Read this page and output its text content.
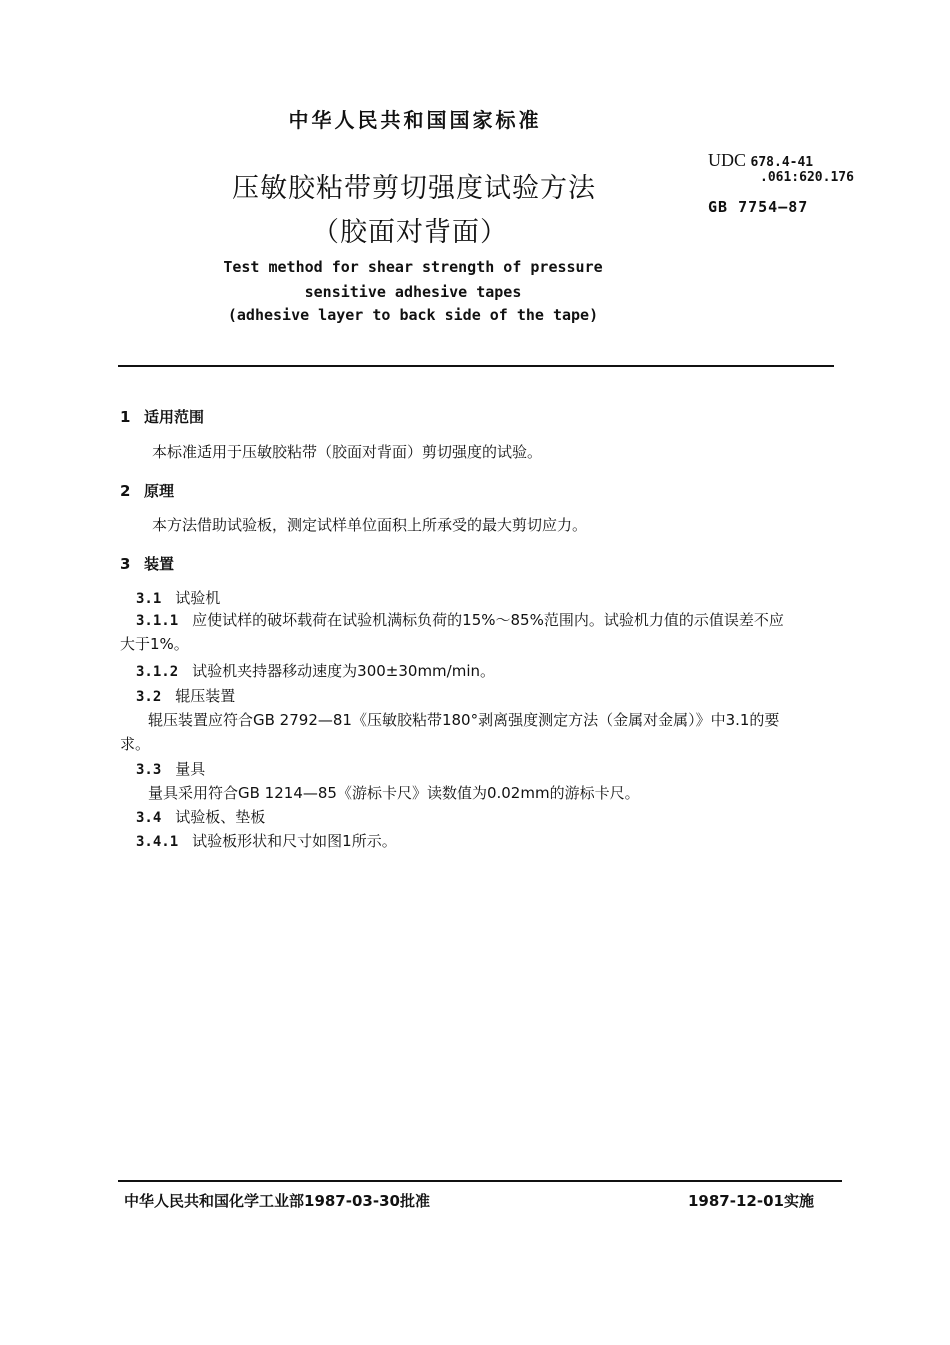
中华人民共和国国家标准
压敏胶粘带剪切强度试验方法
（胶面对背面）
UDC 678.4-41
.061:620.176
GB 7754—87
Test method for shear strength of pressure
sensitive adhesive tapes
(adhesive layer to back side of the tape)
1 适用范围
本标准适用于压敏胶粘带（胶面对背面）剪切强度的试验。
2 原理
本方法借助试验板，测定试样单位面积上所承受的最大剪切应力。
3 装置
3.1 试验机
3.1.1 应使试样的破坏载荷在试验机满标负荷的15%～85%范围内。试验机力值的示值误差不应
大于1%。
3.1.2 试验机夹持器移动速度为300±30mm/min。
3.2 辊压装置
辊压装置应符合GB 2792—81《压敏胶粘带180°剥离强度测定方法（金属对金属）》中3.1的要
求。
3.3 量具
量具采用符合GB 1214—85《游标卡尺》读数值为0.02mm的游标卡尺。
3.4 试验板、垫板
3.4.1 试验板形状和尺寸如图1所示。
中华人民共和国化学工业部1987-03-30批准	1987-12-01实施
